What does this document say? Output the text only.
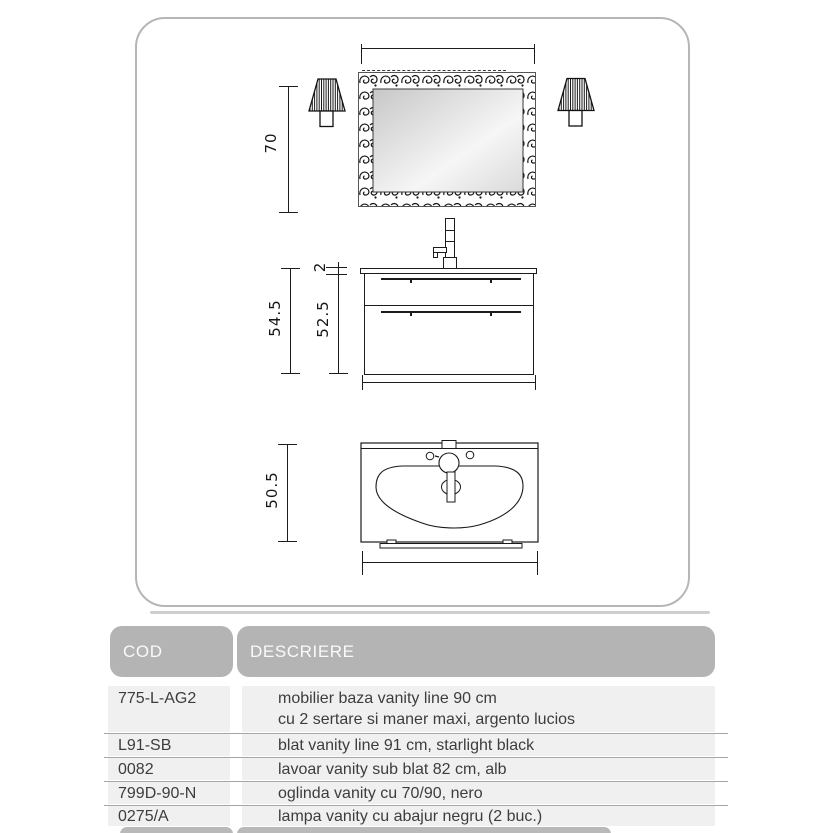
70
54.5
2
52.5
50.5
COD	DESCRIERE
775-L-AG2	mobilier baza vanity line 90 cm
cu 2 sertare si maner maxi, argento lucios
L91-SB	blat vanity line 91 cm, starlight black
0082	lavoar vanity sub blat 82 cm, alb
799D-90-N	oglinda vanity cu 70/90, nero
0275/A	lampa vanity cu abajur negru (2 buc.)
